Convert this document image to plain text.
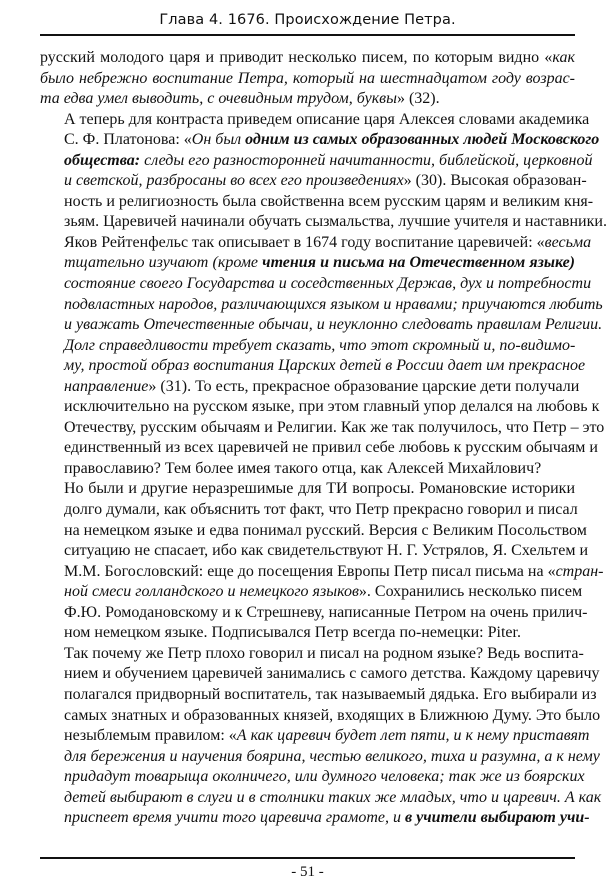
Глава 4. 1676. Происхождение Петра.

русский молодого царя и приводит несколько писем, по которым видно «как
было небрежно воспитание Петра, который на шестнадцатом году возрас-
та едва умел выводить, с очевидным трудом, буквы» (32).

А теперь для контраста приведем описание царя Алексея словами академика
С. Ф. Платонова: «Он был одним из самых образованных людей Московского
общества: следы его разносторонней начитанности, библейской, церковной
и светской, разбросаны во всех его произведениях» (30). Высокая образован-
ность и религиозность была свойственна всем русским царям и великим кня-
зьям. Царевичей начинали обучать сызмальства, лучшие учителя и наставники.
Яков Рейтенфельс так описывает в 1674 году воспитание царевичей: «весьма
тщательно изучают (кроме чтения и письма на Отечественном языке)
состояние своего Государства и соседственных Держав, дух и потребности
подвластных народов, различающихся языком и нравами; приучаются любить
и уважать Отечественные обычаи, и неуклонно следовать правилам Религии.
Долг справедливости требует сказать, что этот скромный и, по-видимо-
му, простой образ воспитания Царских детей в России дает им прекрасное
направление» (31). То есть, прекрасное образование царские дети получали
исключительно на русском языке, при этом главный упор делался на любовь к
Отечеству, русским обычаям и Религии. Как же так получилось, что Петр – это
единственный из всех царевичей не привил себе любовь к русским обычаям и
православию? Тем более имея такого отца, как Алексей Михайлович?

Но были и другие неразрешимые для ТИ вопросы. Романовские историки
долго думали, как объяснить тот факт, что Петр прекрасно говорил и писал
на немецком языке и едва понимал русский. Версия с Великим Посольством
ситуацию не спасает, ибо как свидетельствуют Н. Г. Устрялов, Я. Схельтем и
М.М. Богословский: еще до посещения Европы Петр писал письма на «стран-
ной смеси голландского и немецкого языков». Сохранились несколько писем
Ф.Ю. Ромодановскому и к Стрешневу, написанные Петром на очень прилич-
ном немецком языке. Подписывался Петр всегда по-немецки: Piter.

Так почему же Петр плохо говорил и писал на родном языке? Ведь воспита-
нием и обучением царевичей занимались с самого детства. Каждому царевичу
полагался придворный воспитатель, так называемый дядька. Его выбирали из
самых знатных и образованных князей, входящих в Ближнюю Думу. Это было
незыблемым правилом: «А как царевич будет лет пяти, и к нему приставят
для бережения и научения боярина, честью великого, тиха и разумна, а к нему
придадут товарыща околничего, или думного человека; так же из боярских
детей выбирают в слуги и в столники таких же младых, что и царевич. А как
приспеет время учити того царевича грамоте, и в учители выбирают учи-

- 51 -
